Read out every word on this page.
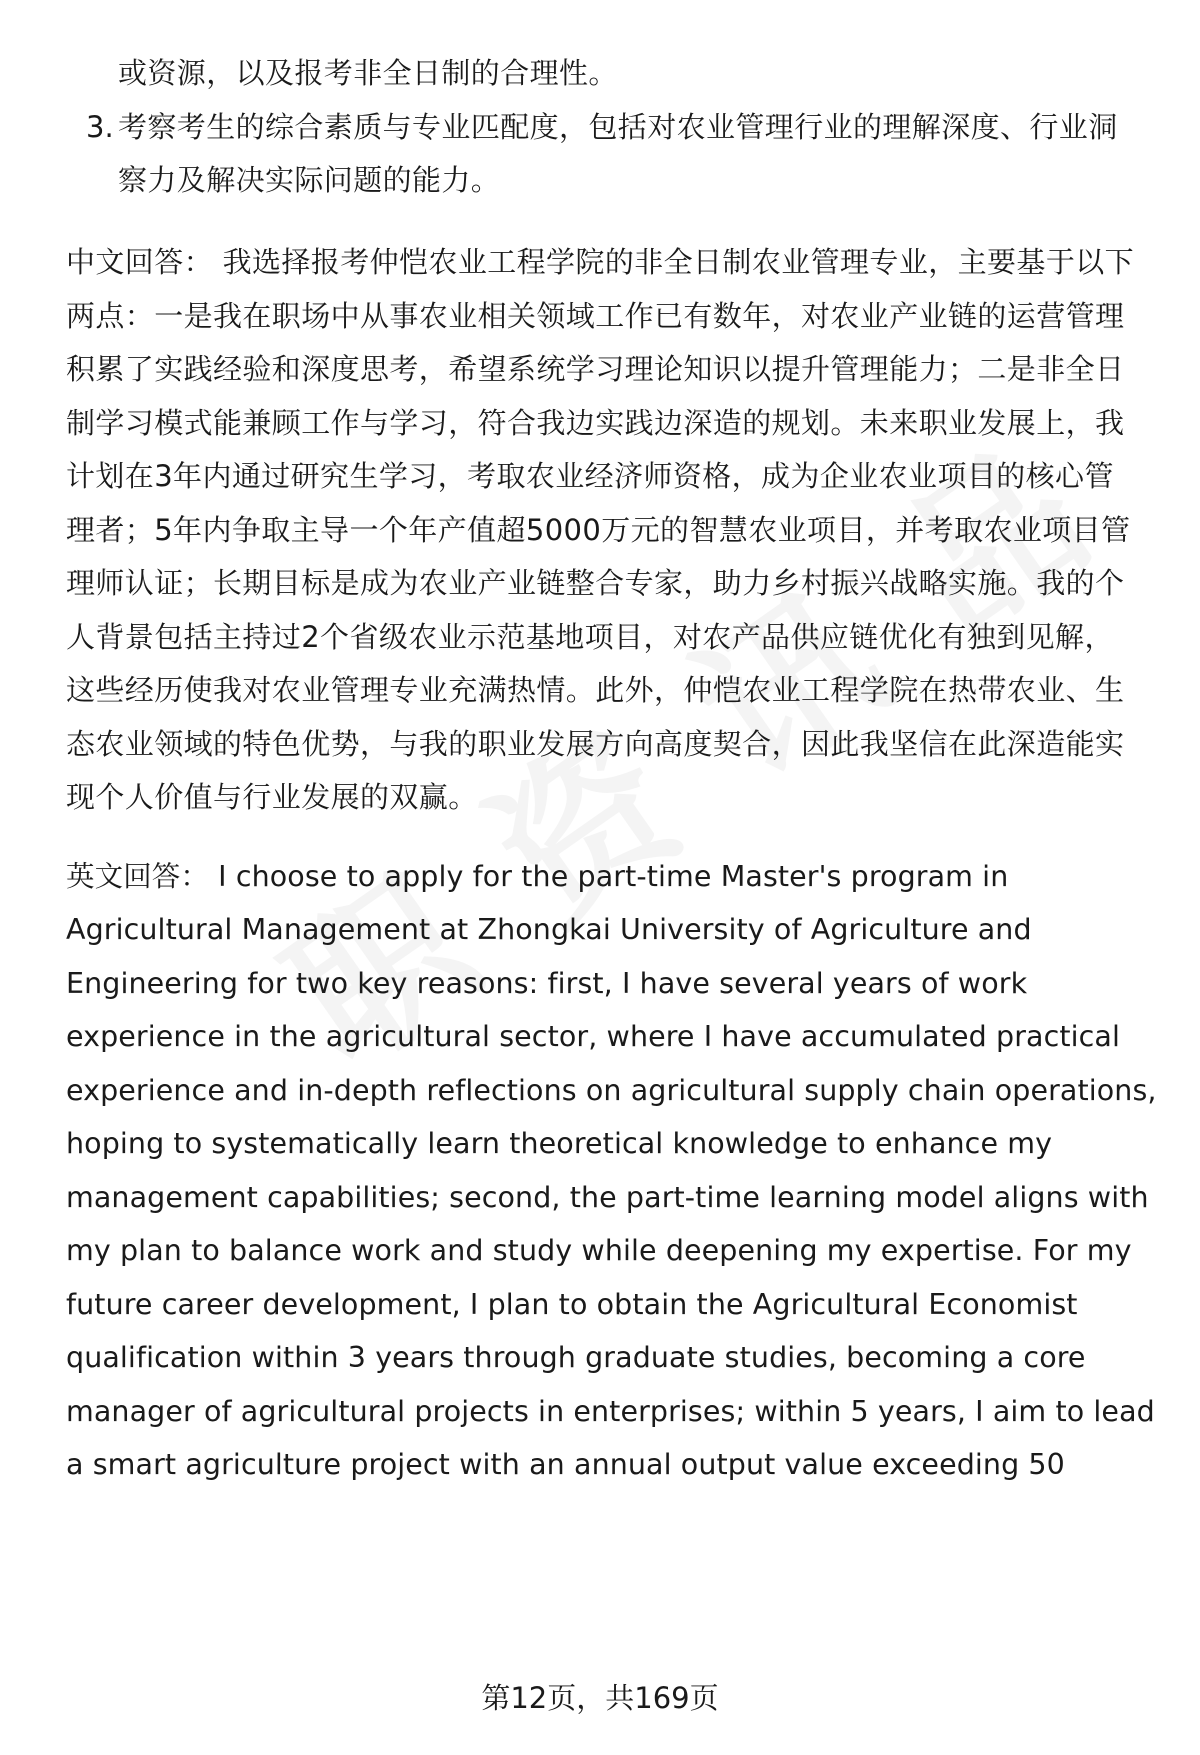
或资源，以及报考非全日制的合理性。
3. 考察考生的综合素质与专业匹配度，包括对农业管理行业的理解深度、行业洞
察力及解决实际问题的能力。
中文回答： 我选择报考仲恺农业工程学院的非全日制农业管理专业，主要基于以下
两点：一是我在职场中从事农业相关领域工作已有数年，对农业产业链的运营管理
积累了实践经验和深度思考，希望系统学习理论知识以提升管理能力；二是非全日
制学习模式能兼顾工作与学习，符合我边实践边深造的规划。未来职业发展上，我
计划在3年内通过研究生学习，考取农业经济师资格，成为企业农业项目的核心管
理者；5年内争取主导一个年产值超5000万元的智慧农业项目，并考取农业项目管
理师认证；长期目标是成为农业产业链整合专家，助力乡村振兴战略实施。我的个
人背景包括主持过2个省级农业示范基地项目，对农产品供应链优化有独到见解，
这些经历使我对农业管理专业充满热情。此外，仲恺农业工程学院在热带农业、生
态农业领域的特色优势，与我的职业发展方向高度契合，因此我坚信在此深造能实
现个人价值与行业发展的双赢。
英文回答： I choose to apply for the part-time Master's program in
Agricultural Management at Zhongkai University of Agriculture and
Engineering for two key reasons: first, I have several years of work
experience in the agricultural sector, where I have accumulated practical
experience and in-depth reflections on agricultural supply chain operations,
hoping to systematically learn theoretical knowledge to enhance my
management capabilities; second, the part-time learning model aligns with
my plan to balance work and study while deepening my expertise. For my
future career development, I plan to obtain the Agricultural Economist
qualification within 3 years through graduate studies, becoming a core
manager of agricultural projects in enterprises; within 5 years, I aim to lead
a smart agriculture project with an annual output value exceeding 50
第12页，共169页
